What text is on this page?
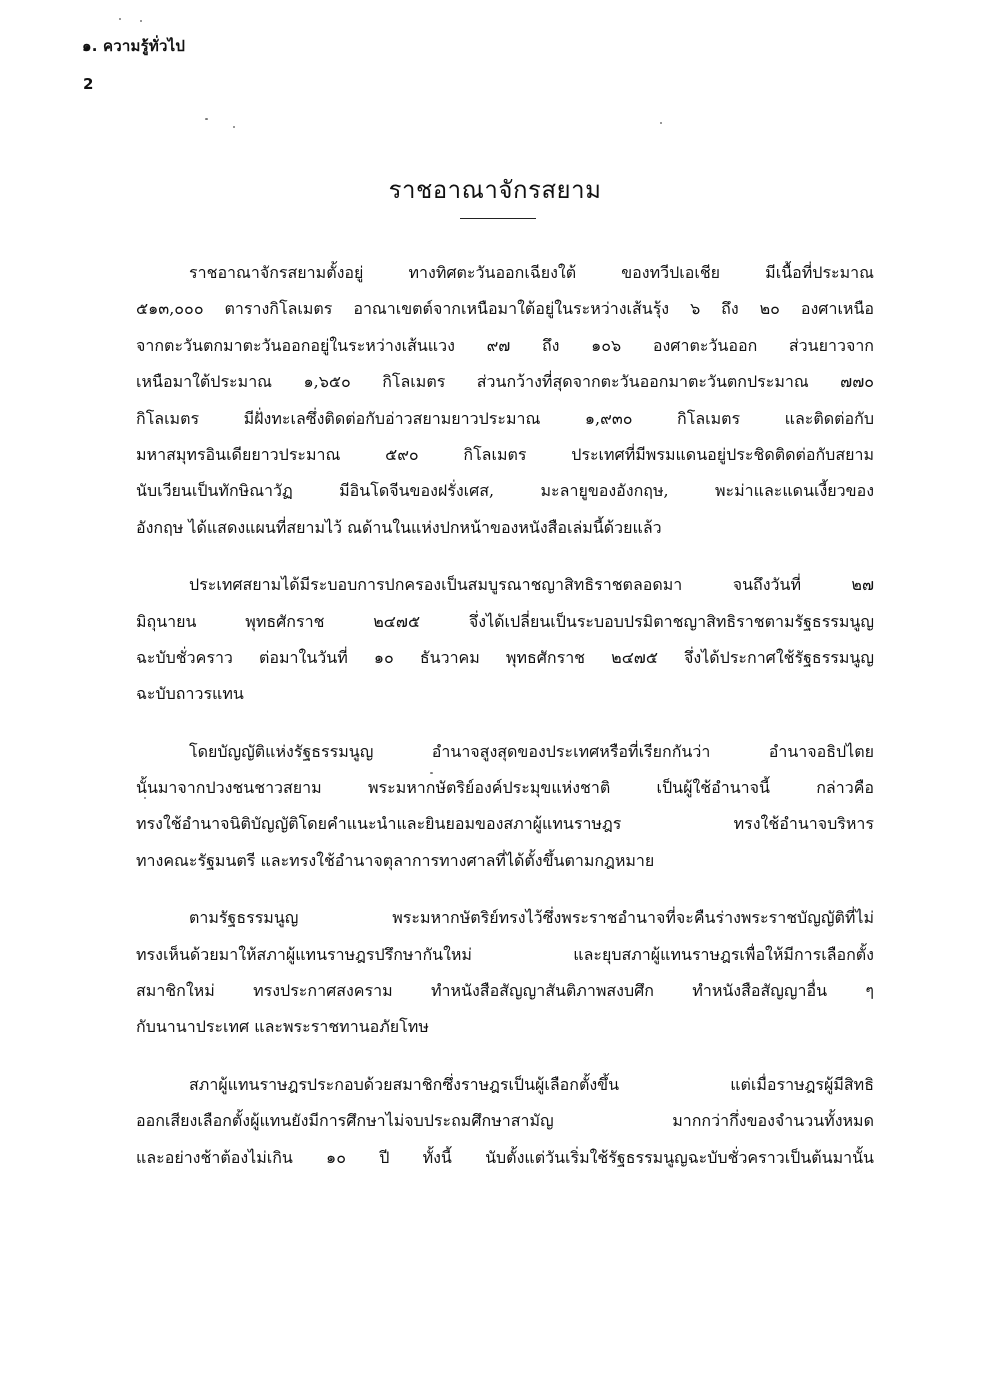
๑. ความรู้ทั่วไป
2
ราชอาณาจักรสยาม
ราชอาณาจักรสยามตั้งอยู่ ทางทิศตะวันออกเฉียงใต้ ของทวีปเอเชีย มีเนื้อที่ประมาณ
๕๑๓,๐๐๐ ตารางกิโลเมตร อาณาเขตต์จากเหนือมาใต้อยู่ในระหว่างเส้นรุ้ง ๖ ถึง ๒๐ องศาเหนือ
จากตะวันตกมาตะวันออกอยู่ในระหว่างเส้นแวง ๙๗ ถึง ๑๐๖ องศาตะวันออก ส่วนยาวจาก
เหนือมาใต้ประมาณ ๑,๖๕๐ กิโลเมตร ส่วนกว้างที่สุดจากตะวันออกมาตะวันตกประมาณ ๗๗๐
กิโลเมตร มีฝั่งทะเลซึ่งติดต่อกับอ่าวสยามยาวประมาณ ๑,๙๓๐ กิโลเมตร และติดต่อกับ
มหาสมุทรอินเดียยาวประมาณ ๕๙๐ กิโลเมตร ประเทศที่มีพรมแดนอยู่ประชิดติดต่อกับสยาม
นับเวียนเป็นทักษิณาวัฏ มีอินโดจีนของฝรั่งเศส, มะลายูของอังกฤษ, พะม่าและแดนเงี้ยวของ
อังกฤษ ได้แสดงแผนที่สยามไว้ ณด้านในแห่งปกหน้าของหนังสือเล่มนี้ด้วยแล้ว
ประเทศสยามได้มีระบอบการปกครองเป็นสมบูรณาชญาสิทธิราชตลอดมา จนถึงวันที่ ๒๗
มิถุนายน พุทธศักราช ๒๔๗๕ จึ่งได้เปลี่ยนเป็นระบอบปรมิตาชญาสิทธิราชตามรัฐธรรมนูญ
ฉะบับชั่วคราว ต่อมาในวันที่ ๑๐ ธันวาคม พุทธศักราช ๒๔๗๕ จึ่งได้ประกาศใช้รัฐธรรมนูญ
ฉะบับถาวรแทน
โดยบัญญัติแห่งรัฐธรรมนูญ อำนาจสูงสุดของประเทศหรือที่เรียกกันว่า อำนาจอธิปไตย
นั้นมาจากปวงชนชาวสยาม พระมหากษัตริย์องค์ประมุขแห่งชาติ เป็นผู้ใช้อำนาจนี้ กล่าวคือ
ทรงใช้อำนาจนิติบัญญัติโดยคำแนะนำและยินยอมของสภาผู้แทนราษฎร ทรงใช้อำนาจบริหาร
ทางคณะรัฐมนตรี และทรงใช้อำนาจตุลาการทางศาลที่ได้ตั้งขึ้นตามกฎหมาย
ตามรัฐธรรมนูญ พระมหากษัตริย์ทรงไว้ซึ่งพระราชอำนาจที่จะคืนร่างพระราชบัญญัติที่ไม่
ทรงเห็นด้วยมาให้สภาผู้แทนราษฎรปรึกษากันใหม่ และยุบสภาผู้แทนราษฎรเพื่อให้มีการเลือกตั้ง
สมาชิกใหม่ ทรงประกาศสงคราม ทำหนังสือสัญญาสันติภาพสงบศึก ทำหนังสือสัญญาอื่น ๆ
กับนานาประเทศ และพระราชทานอภัยโทษ
สภาผู้แทนราษฎรประกอบด้วยสมาชิกซึ่งราษฎรเป็นผู้เลือกตั้งขึ้น แต่เมื่อราษฎรผู้มีสิทธิ
ออกเสียงเลือกตั้งผู้แทนยังมีการศึกษาไม่จบประถมศึกษาสามัญ มากกว่ากึ่งของจำนวนทั้งหมด
และอย่างช้าต้องไม่เกิน ๑๐ ปี ทั้งนี้ นับตั้งแต่วันเริ่มใช้รัฐธรรมนูญฉะบับชั่วคราวเป็นต้นมานั้น
